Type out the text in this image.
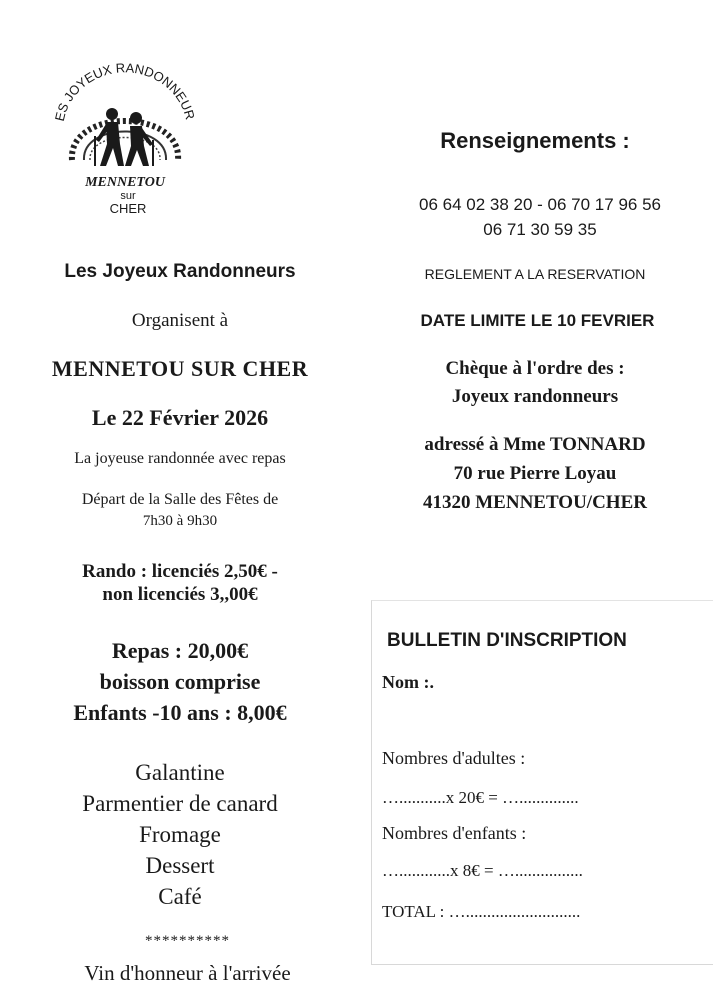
ES JOYEUX RANDONNEUR
MENNETOU
sur
CHER
Les Joyeux Randonneurs
Organisent à
MENNETOU SUR CHER
Le 22 Février 2026
La joyeuse randonnée avec repas
Départ de la Salle des Fêtes de
7h30 à 9h30
Rando : licenciés 2,50€ -
non licenciés 3,,00€
Repas : 20,00€
boisson comprise
Enfants -10 ans : 8,00€
Galantine
Parmentier de canard
Fromage
Dessert
Café
**********
Vin d'honneur à l'arrivée
Renseignements :
06 64 02 38 20 - 06 70 17 96 56
06 71 30 59 35
REGLEMENT A LA RESERVATION
DATE LIMITE LE 10 FEVRIER
Chèque à l'ordre des :
Joyeux randonneurs
adressé à Mme TONNARD
70 rue Pierre Loyau
41320 MENNETOU/CHER
BULLETIN D'INSCRIPTION
Nom :.
Nombres d'adultes :
…...........x 20€ = …..............
Nombres d'enfants :
…............x 8€ = …................
TOTAL : …...........................
